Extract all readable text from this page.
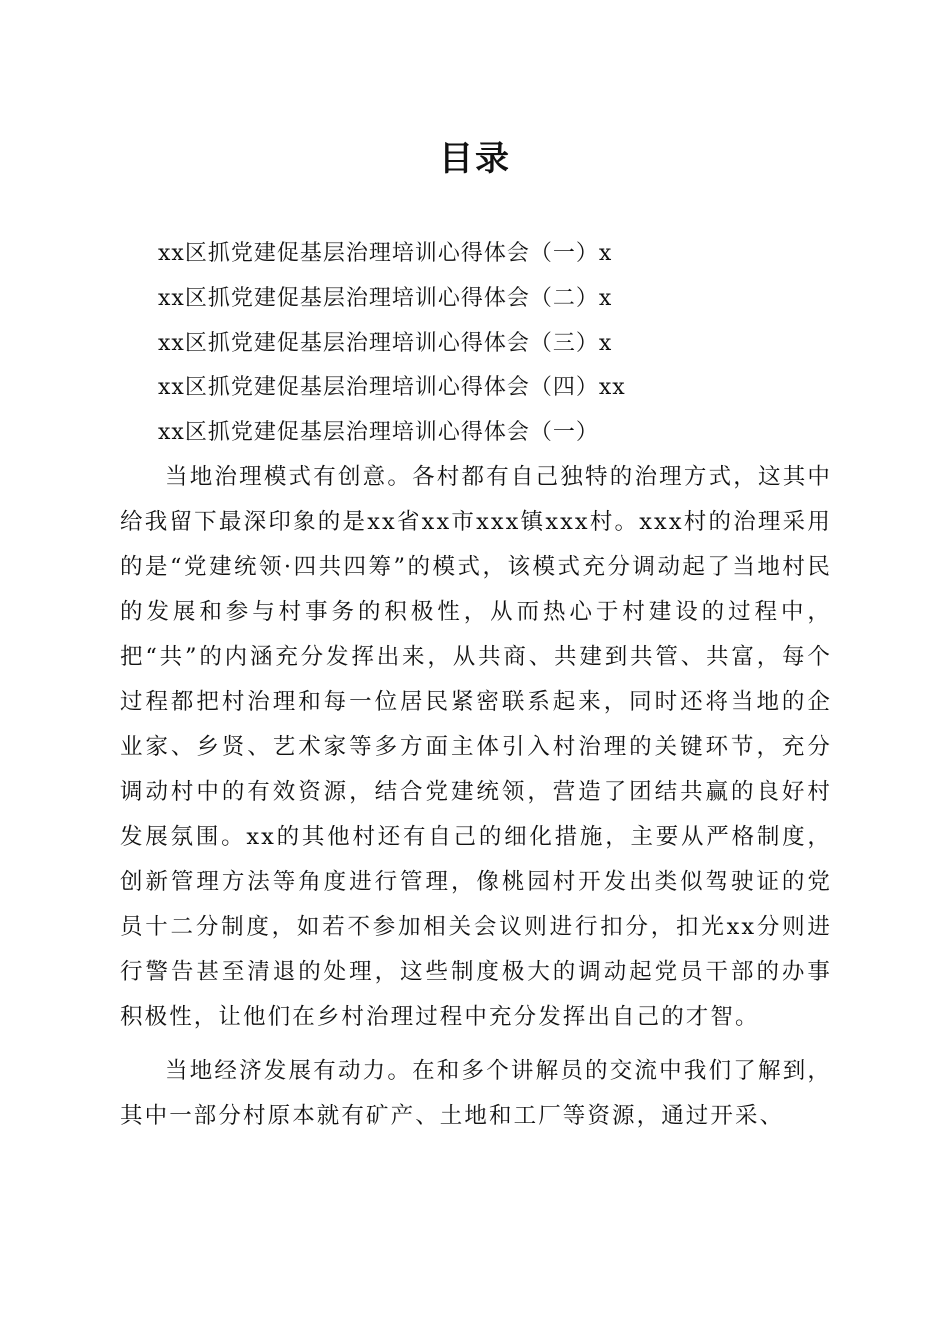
目录
xx区抓党建促基层治理培训心得体会（一）x
xx区抓党建促基层治理培训心得体会（二）x
xx区抓党建促基层治理培训心得体会（三）x
xx区抓党建促基层治理培训心得体会（四）xx
xx区抓党建促基层治理培训心得体会（一）

当地治理模式有创意。各村都有自己独特的治理方式，这其中给我留下最深印象的是xx省xx市xxx镇xxx村。xxx村的治理采用的是“党建统领·四共四筹”的模式，该模式充分调动起了当地村民的发展和参与村事务的积极性，从而热心于村建设的过程中，把“共”的内涵充分发挥出来，从共商、共建到共管、共富，每个过程都把村治理和每一位居民紧密联系起来，同时还将当地的企业家、乡贤、艺术家等多方面主体引入村治理的关键环节，充分调动村中的有效资源，结合党建统领，营造了团结共赢的良好村发展氛围。xx的其他村还有自己的细化措施，主要从严格制度，创新管理方法等角度进行管理，像桃园村开发出类似驾驶证的党员十二分制度，如若不参加相关会议则进行扣分，扣光xx分则进行警告甚至清退的处理，这些制度极大的调动起党员干部的办事积极性，让他们在乡村治理过程中充分发挥出自己的才智。

当地经济发展有动力。在和多个讲解员的交流中我们了解到，其中一部分村原本就有矿产、土地和工厂等资源，通过开采、
